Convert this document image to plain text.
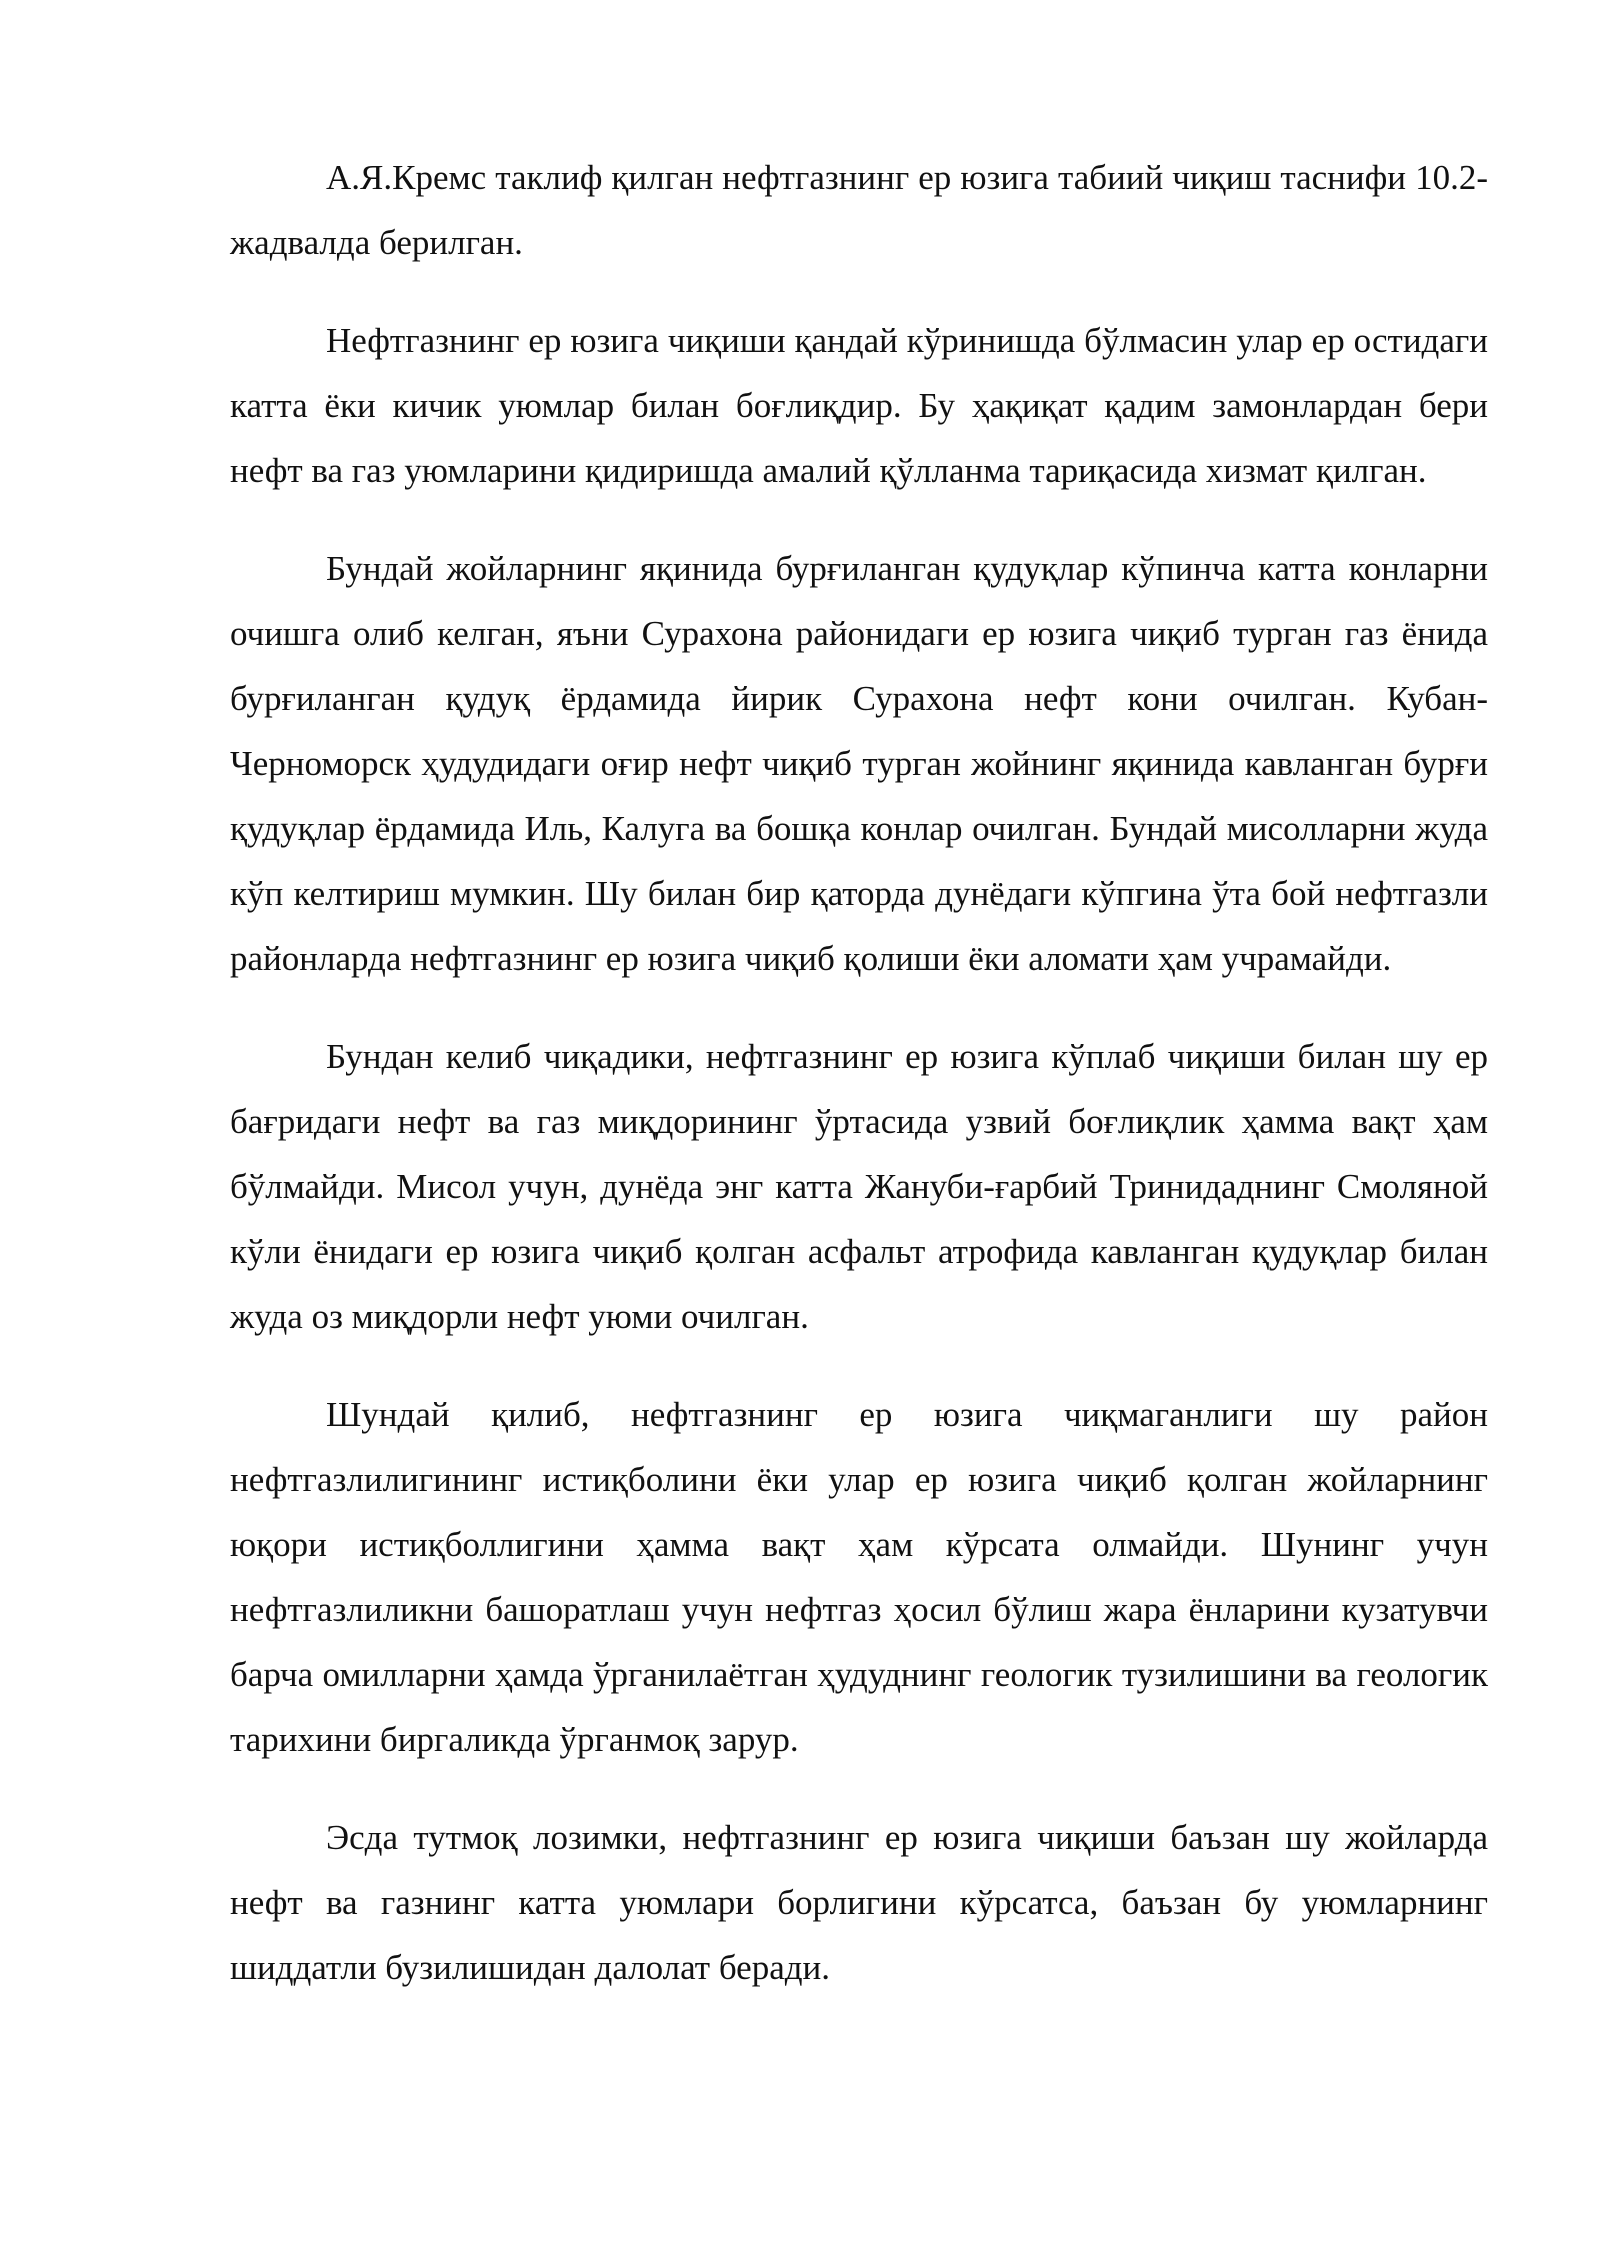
А.Я.Кремс таклиф қилган нефтгазнинг ер юзига табиий чиқиш таснифи 10.2-жадвалда берилган.

Нефтгазнинг ер юзига чиқиши қандай кўринишда бўлмасин улар ер остидаги катта ёки кичик уюмлар билан боғлиқдир. Бу ҳақиқат қадим замонлардан бери нефт ва газ уюмларини қидиришда амалий қўлланма тариқасида хизмат қилган.

Бундай жойларнинг яқинида бурғиланган қудуқлар кўпинча катта конларни очишга олиб келган, яъни Сурахона районидаги ер юзига чиқиб турган газ ёнида бурғиланган қудуқ ёрдамида йирик Сурахона нефт кони очилган. Кубан-Черноморск ҳудудидаги оғир нефт чиқиб турган жойнинг яқинида кавланган бурғи қудуқлар ёрдамида Иль, Калуга ва бошқа конлар очилган. Бундай мисолларни жуда кўп келтириш мумкин. Шу билан бир қаторда дунёдаги кўпгина ўта бой нефтгазли районларда нефтгазнинг ер юзига чиқиб қолиши ёки аломати ҳам учрамайди.

Бундан келиб чиқадики, нефтгазнинг ер юзига кўплаб чиқиши билан шу ер бағридаги нефт ва газ миқдорининг ўртасида узвий боғлиқлик ҳамма вақт ҳам бўлмайди. Мисол учун, дунёда энг катта Жануби-ғарбий Тринидаднинг Смоляной кўли ёнидаги ер юзига чиқиб қолган асфальт атрофида кавланган қудуқлар билан жуда оз миқдорли нефт уюми очилган.

Шундай қилиб, нефтгазнинг ер юзига чиқмаганлиги шу район нефтгазлилигининг истиқболини ёки улар ер юзига чиқиб қолган жойларнинг юқори истиқболлигини ҳамма вақт ҳам кўрсата олмайди. Шунинг учун нефтгазлиликни башоратлаш учун нефтгаз ҳосил бўлиш жара ёнларини кузатувчи барча омилларни ҳамда ўрганилаётган ҳудуднинг геологик тузилишини ва геологик тарихини биргаликда ўрганмоқ зарур.

Эсда тутмоқ лозимки, нефтгазнинг ер юзига чиқиши баъзан шу жойларда нефт ва газнинг катта уюмлари борлигини кўрсатса, баъзан бу уюмларнинг шиддатли бузилишидан далолат беради.
